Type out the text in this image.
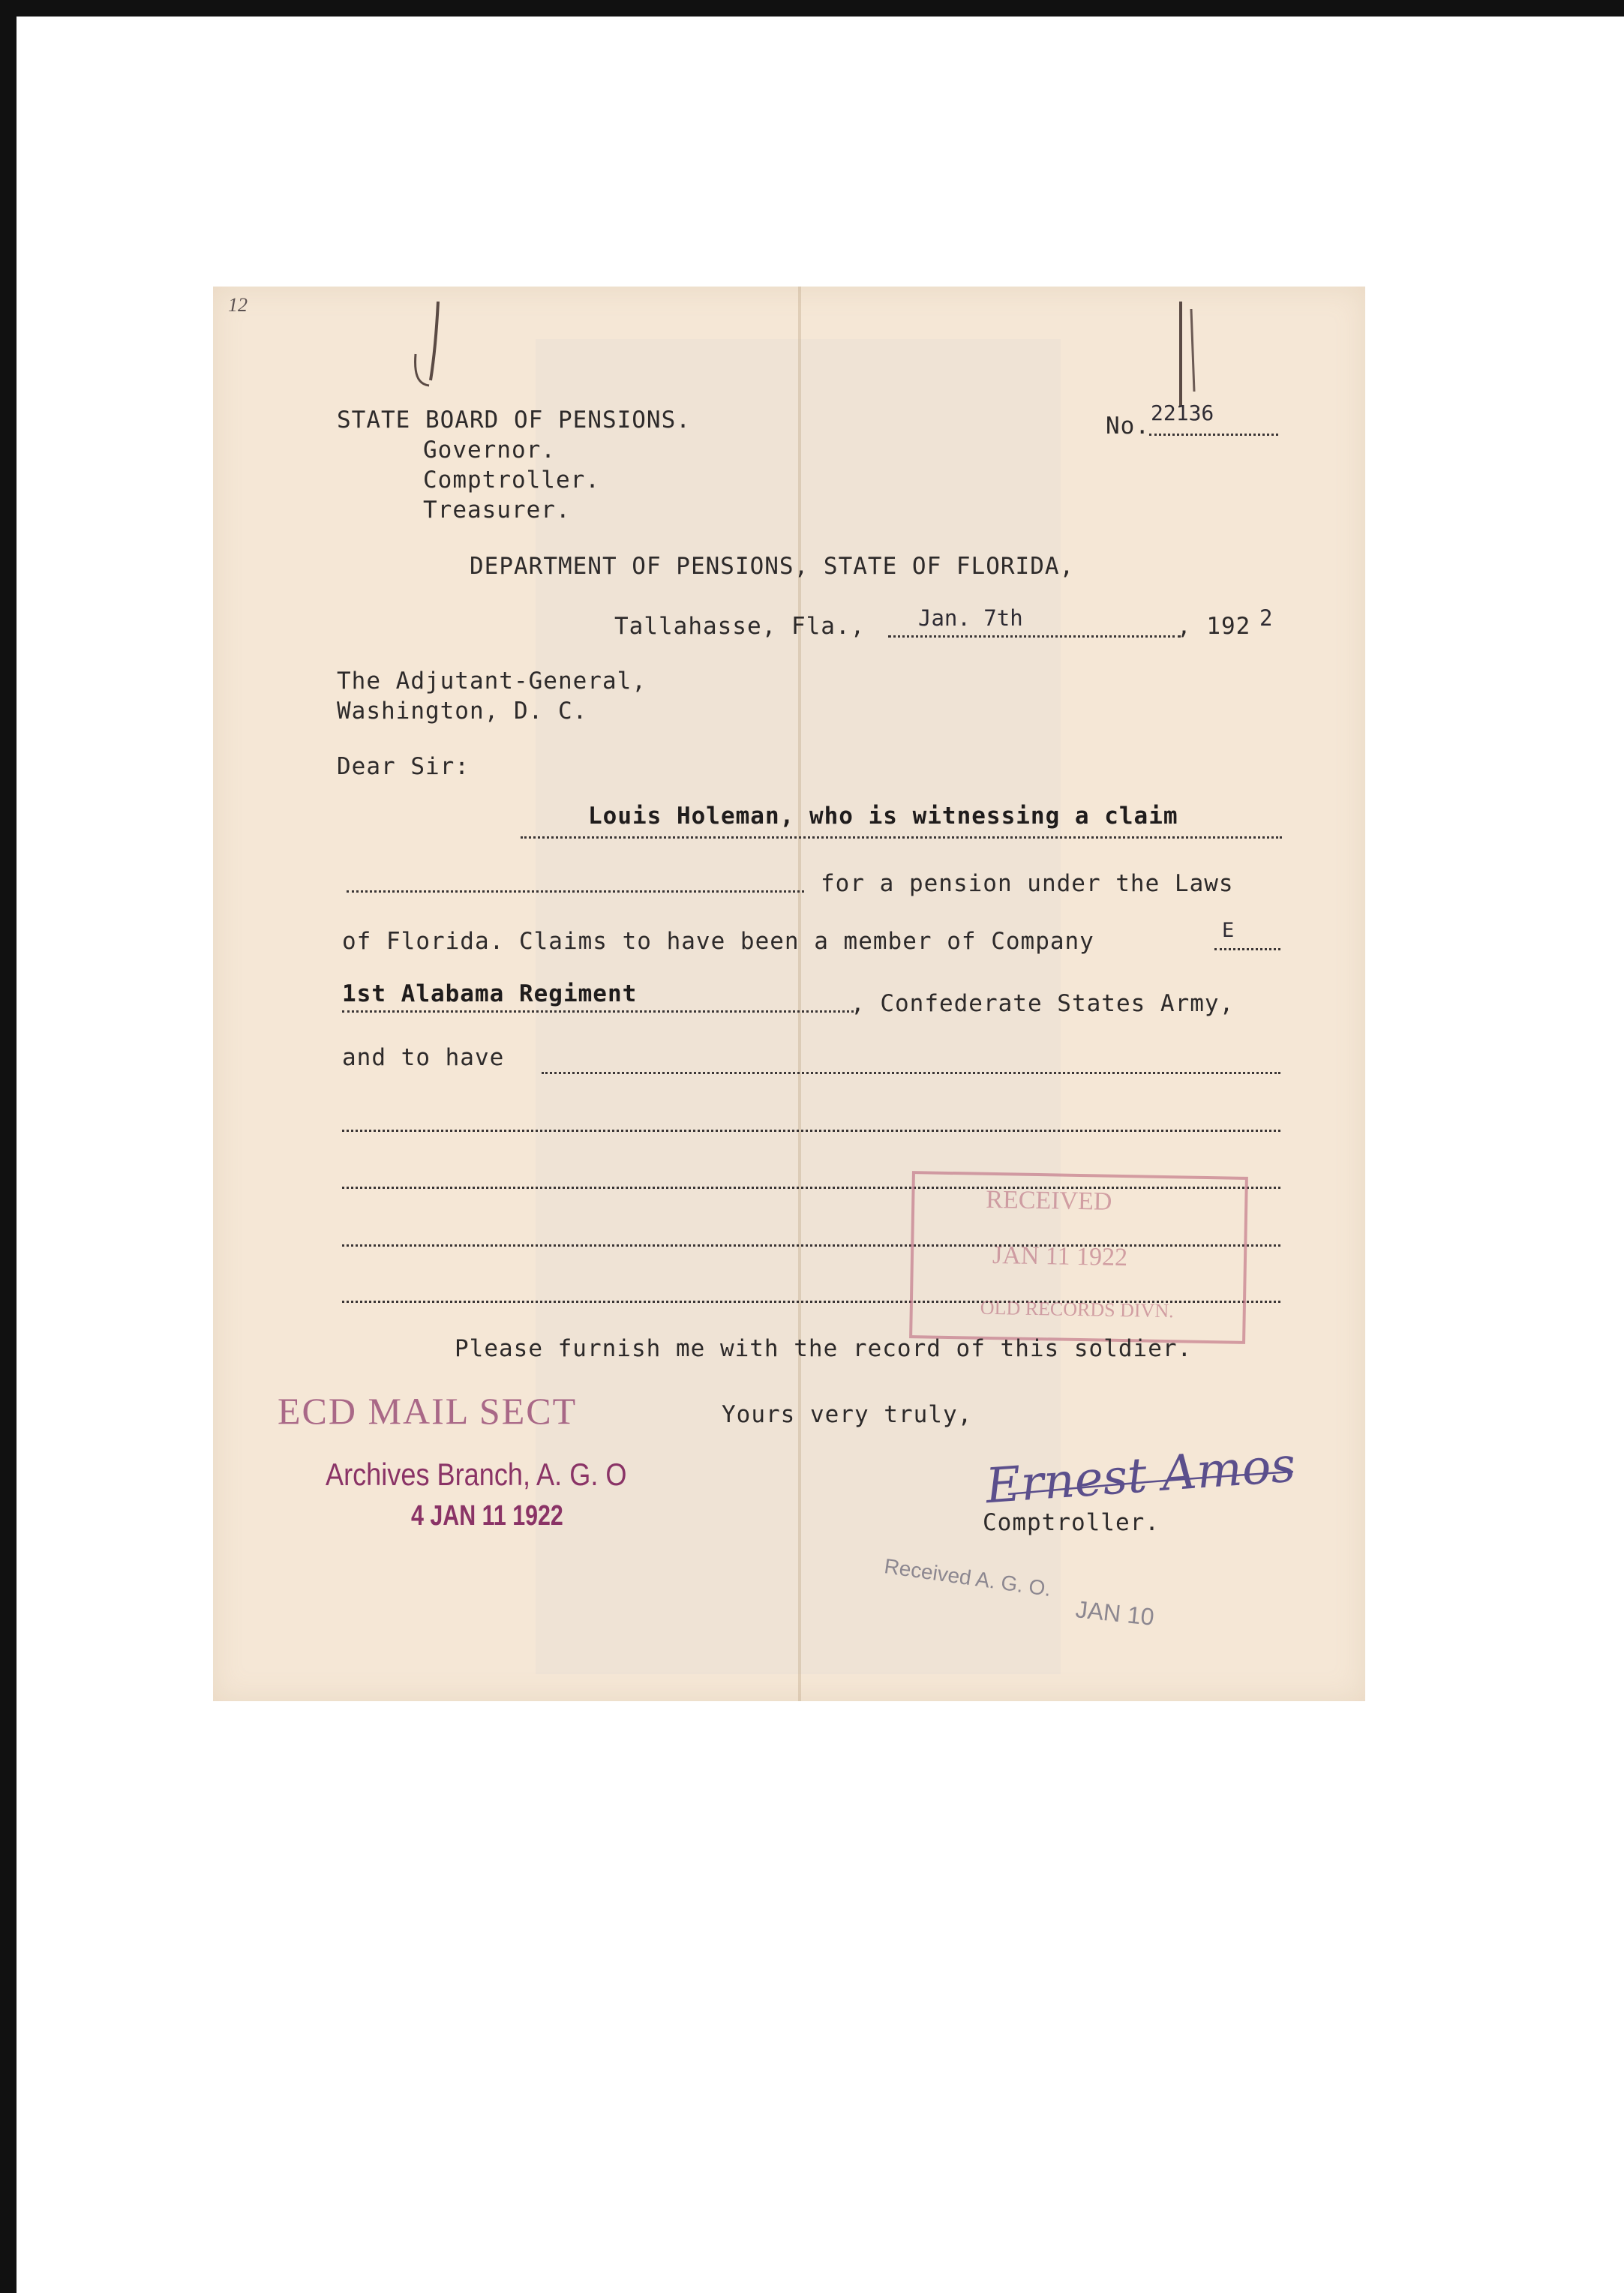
12
STATE BOARD OF PENSIONS.
Governor.
Comptroller.
Treasurer.
No. 22136
DEPARTMENT OF PENSIONS, STATE OF FLORIDA,
Tallahasse, Fla., Jan. 7th	, 192 2
The Adjutant-General,
Washington, D. C.
Dear Sir:
Louis Holeman, who is witnessing a claim
for a pension under the Laws
of Florida. Claims to have been a member of Company	E
1st Alabama Regiment	, Confederate States Army,
and to have
RECEIVED
JAN 11 1922
OLD RECORDS DIVN.
Please furnish me with the record of this soldier.
Yours very truly,
ECD MAIL SECT
Archives Branch, A. G. O
4 JAN 11 1922
Ernest Amos
Comptroller.
Received A. G. O.
JAN 10
